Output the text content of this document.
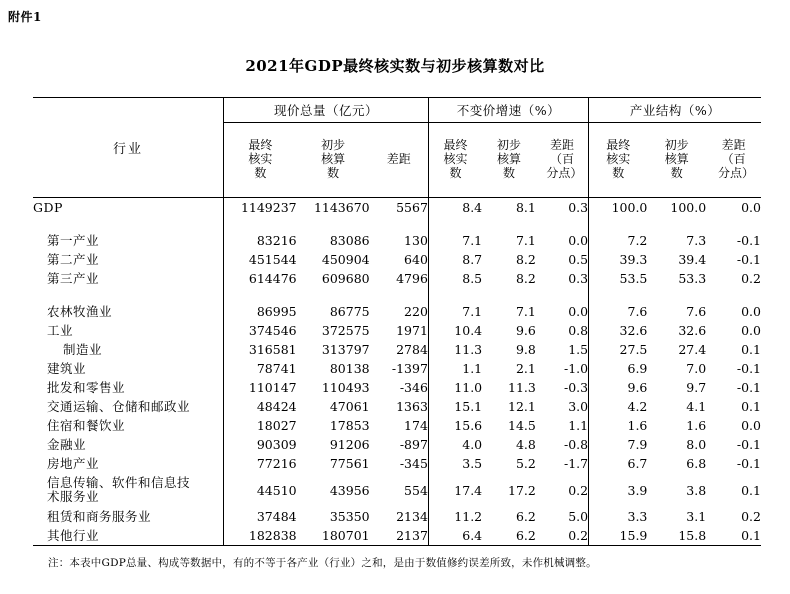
附件1
2021年GDP最终核实数与初步核算数对比
行业	现价总量（亿元）			不变价增速（%）			产业结构（%）		
	最终核实数	初步核算数	差距	最终核实数	初步核算数	差距（百分点）	最终核实数	初步核算数	差距（百分点）

GDP	1149237	1143670	5567	8.4	8.1	0.3	100.0	100.0	0.0

第一产业	83216	83086	130	7.1	7.1	0.0	7.2	7.3	-0.1
第二产业	451544	450904	640	8.7	8.2	0.5	39.3	39.4	-0.1
第三产业	614476	609680	4796	8.5	8.2	0.3	53.5	53.3	0.2

农林牧渔业	86995	86775	220	7.1	7.1	0.0	7.6	7.6	0.0
工业	374546	372575	1971	10.4	9.6	0.8	32.6	32.6	0.0
制造业	316581	313797	2784	11.3	9.8	1.5	27.5	27.4	0.1
建筑业	78741	80138	-1397	1.1	2.1	-1.0	6.9	7.0	-0.1
批发和零售业	110147	110493	-346	11.0	11.3	-0.3	9.6	9.7	-0.1
交通运输、仓储和邮政业	48424	47061	1363	15.1	12.1	3.0	4.2	4.1	0.1
住宿和餐饮业	18027	17853	174	15.6	14.5	1.1	1.6	1.6	0.0
金融业	90309	91206	-897	4.0	4.8	-0.8	7.9	8.0	-0.1
房地产业	77216	77561	-345	3.5	5.2	-1.7	6.7	6.8	-0.1

信息传输、软件和信息技
术服务业	44510	43956	554	17.4	17.2	0.2	3.9	3.8	0.1
租赁和商务服务业	37484	35350	2134	11.2	6.2	5.0	3.3	3.1	0.2
其他行业	182838	180701	2137	6.4	6.2	0.2	15.9	15.8	0.1
注：本表中GDP总量、构成等数据中，有的不等于各产业（行业）之和，是由于数值修约误差所致，未作机械调整。
